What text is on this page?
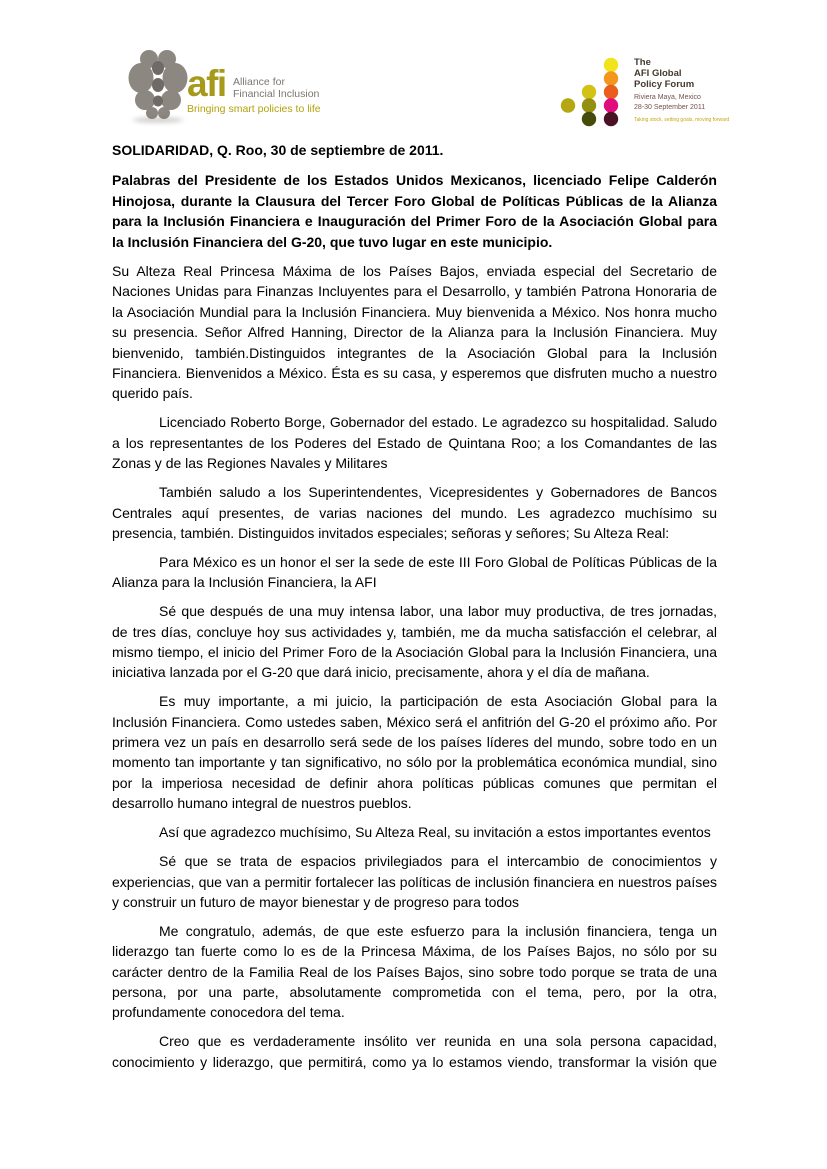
afi Alliance for
Financial Inclusion
Bringing smart policies to life
The
AFI Global
Policy Forum
Riviera Maya, Mexico
28-30 September 2011
Taking stock, setting goals, moving forward

SOLIDARIDAD, Q. Roo, 30 de septiembre de 2011.

Palabras del Presidente de los Estados Unidos Mexicanos, licenciado Felipe Calderón Hinojosa, durante la Clausura del Tercer Foro Global de Políticas Públicas de la Alianza para la Inclusión Financiera e Inauguración del Primer Foro de la Asociación Global para la Inclusión Financiera del G-20, que tuvo lugar en este municipio.

Su Alteza Real Princesa Máxima de los Países Bajos, enviada especial del Secretario de Naciones Unidas para Finanzas Incluyentes para el Desarrollo, y también Patrona Honoraria de la Asociación Mundial para la Inclusión Financiera. Muy bienvenida a México. Nos honra mucho su presencia. Señor Alfred Hanning, Director de la Alianza para la Inclusión Financiera. Muy bienvenido, también.Distinguidos integrantes de la Asociación Global para la Inclusión Financiera. Bienvenidos a México. Ésta es su casa, y esperemos que disfruten mucho a nuestro querido país.

Licenciado Roberto Borge, Gobernador del estado. Le agradezco su hospitalidad. Saludo a los representantes de los Poderes del Estado de Quintana Roo; a los Comandantes de las Zonas y de las Regiones Navales y Militares

También saludo a los Superintendentes, Vicepresidentes y Gobernadores de Bancos Centrales aquí presentes, de varias naciones del mundo. Les agradezco muchísimo su presencia, también. Distinguidos invitados especiales; señoras y señores; Su Alteza Real:

Para México es un honor el ser la sede de este III Foro Global de Políticas Públicas de la Alianza para la Inclusión Financiera, la AFI

Sé que después de una muy intensa labor, una labor muy productiva, de tres jornadas, de tres días, concluye hoy sus actividades y, también, me da mucha satisfacción el celebrar, al mismo tiempo, el inicio del Primer Foro de la Asociación Global para la Inclusión Financiera, una iniciativa lanzada por el G-20 que dará inicio, precisamente, ahora y el día de mañana.

Es muy importante, a mi juicio, la participación de esta Asociación Global para la Inclusión Financiera. Como ustedes saben, México será el anfitrión del G-20 el próximo año. Por primera vez un país en desarrollo será sede de los países líderes del mundo, sobre todo en un momento tan importante y tan significativo, no sólo por la problemática económica mundial, sino por la imperiosa necesidad de definir ahora políticas públicas comunes que permitan el desarrollo humano integral de nuestros pueblos.

Así que agradezco muchísimo, Su Alteza Real, su invitación a estos importantes eventos

Sé que se trata de espacios privilegiados para el intercambio de conocimientos y experiencias, que van a permitir fortalecer las políticas de inclusión financiera en nuestros países y construir un futuro de mayor bienestar y de progreso para todos

Me congratulo, además, de que este esfuerzo para la inclusión financiera, tenga un liderazgo tan fuerte como lo es de la Princesa Máxima, de los Países Bajos, no sólo por su carácter dentro de la Familia Real de los Países Bajos, sino sobre todo porque se trata de una persona, por una parte, absolutamente comprometida con el tema, pero, por la otra, profundamente conocedora del tema.

Creo que es verdaderamente insólito ver reunida en una sola persona capacidad, conocimiento y liderazgo, que permitirá, como ya lo estamos viendo, transformar la visión que
